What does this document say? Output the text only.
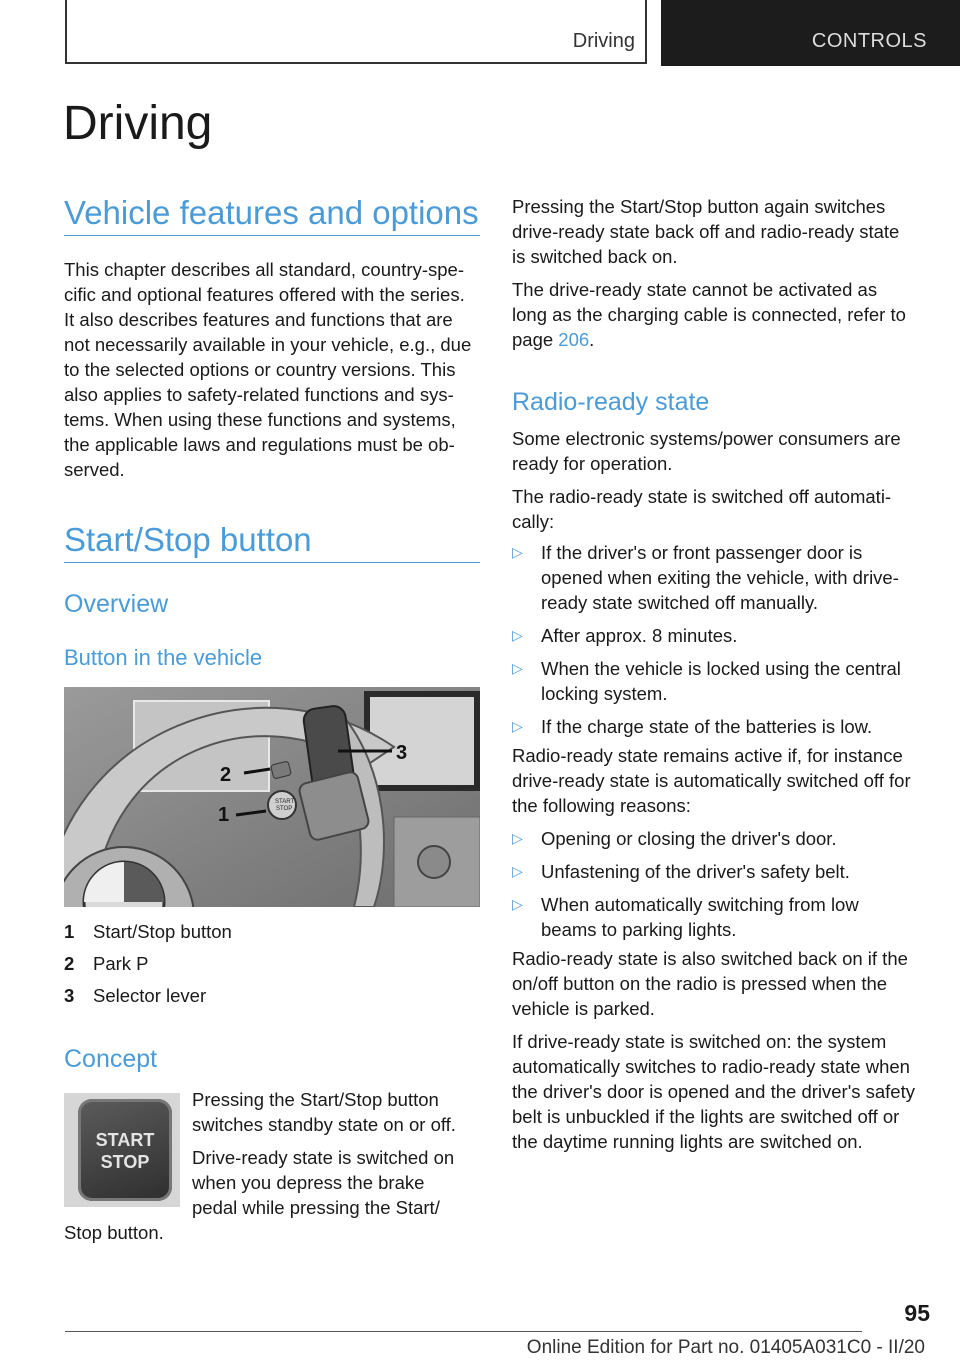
Driving	CONTROLS
Driving
Vehicle features and options
This chapter describes all standard, country-spe-
cific and optional features offered with the series.
It also describes features and functions that are
not necessarily available in your vehicle, e.g., due
to the selected options or country versions. This
also applies to safety-related functions and sys-
tems. When using these functions and systems,
the applicable laws and regulations must be ob-
served.
Start/Stop button
Overview
Button in the vehicle
START
STOP
3
2
1
1	Start/Stop button
2	Park P
3	Selector lever
Concept
START
STOP
Pressing the Start/Stop button
switches standby state on or off.
Drive-ready state is switched on
when you depress the brake
pedal while pressing the Start/
Stop button.
Pressing the Start/Stop button again switches
drive-ready state back off and radio-ready state
is switched back on.
The drive-ready state cannot be activated as
long as the charging cable is connected, refer to
page 206.
Radio-ready state
Some electronic systems/power consumers are
ready for operation.
The radio-ready state is switched off automati-
cally:
▷ If the driver's or front passenger door is
opened when exiting the vehicle, with drive-
ready state switched off manually.
▷ After approx. 8 minutes.
▷ When the vehicle is locked using the central
locking system.
▷ If the charge state of the batteries is low.
Radio-ready state remains active if, for instance
drive-ready state is automatically switched off for
the following reasons:
▷ Opening or closing the driver's door.
▷ Unfastening of the driver's safety belt.
▷ When automatically switching from low
beams to parking lights.
Radio-ready state is also switched back on if the
on/off button on the radio is pressed when the
vehicle is parked.
If drive-ready state is switched on: the system
automatically switches to radio-ready state when
the driver's door is opened and the driver's safety
belt is unbuckled if the lights are switched off or
the daytime running lights are switched on.
95
Online Edition for Part no. 01405A031C0 - II/20
